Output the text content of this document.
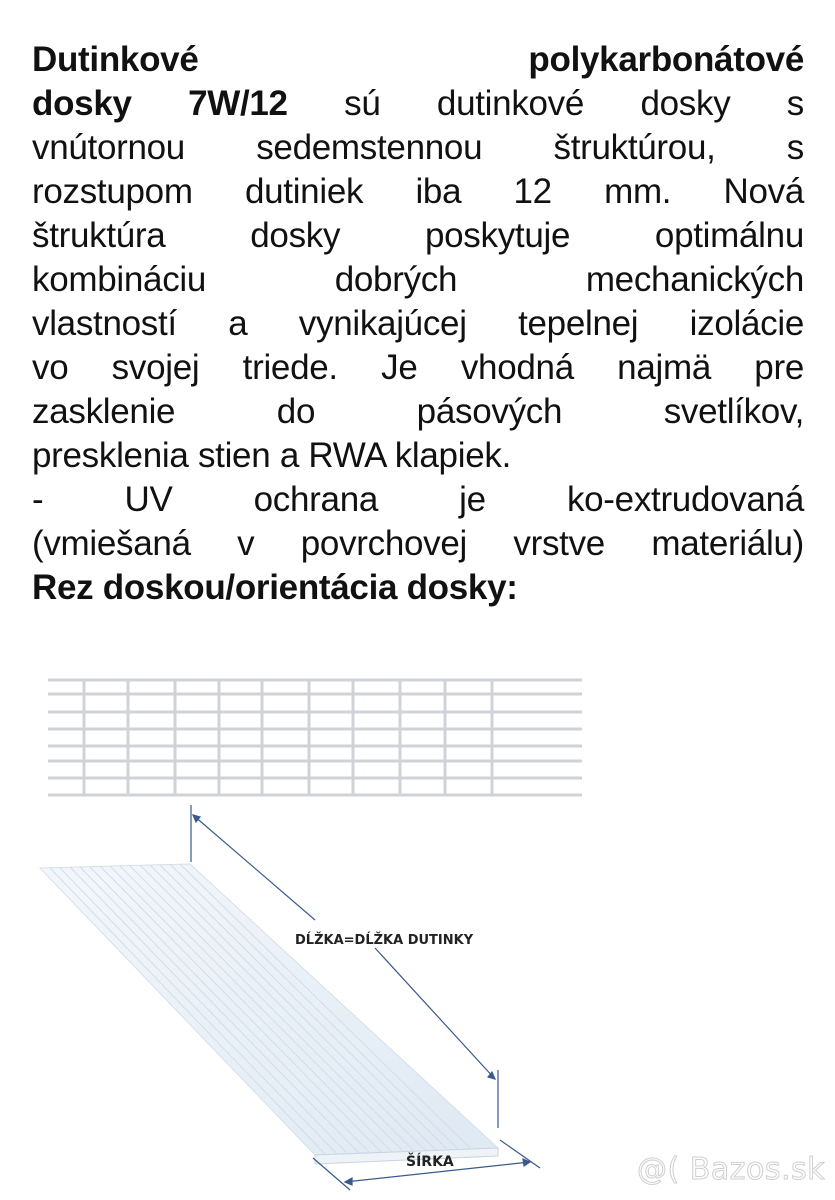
Dutinkové	polykarbonátové
dosky 7W/12 sú dutinkové dosky s
vnútornou sedemstennou štruktúrou, s
rozstupom dutiniek iba 12 mm. Nová
štruktúra dosky poskytuje optimálnu
kombináciu dobrých mechanických
vlastností a vynikajúcej tepelnej izolácie
vo svojej triede. Je vhodná najmä pre
zasklenie do pásových svetlíkov,
presklenia stien a RWA klapiek.
- UV ochrana je ko-extrudovaná
(vmiešaná v povrchovej vrstve materiálu)
Rez doskou/orientácia dosky:
DĹŽKA=DĹŽKA DUTINKY
ŠÍRKA	@( Bazos.sk
